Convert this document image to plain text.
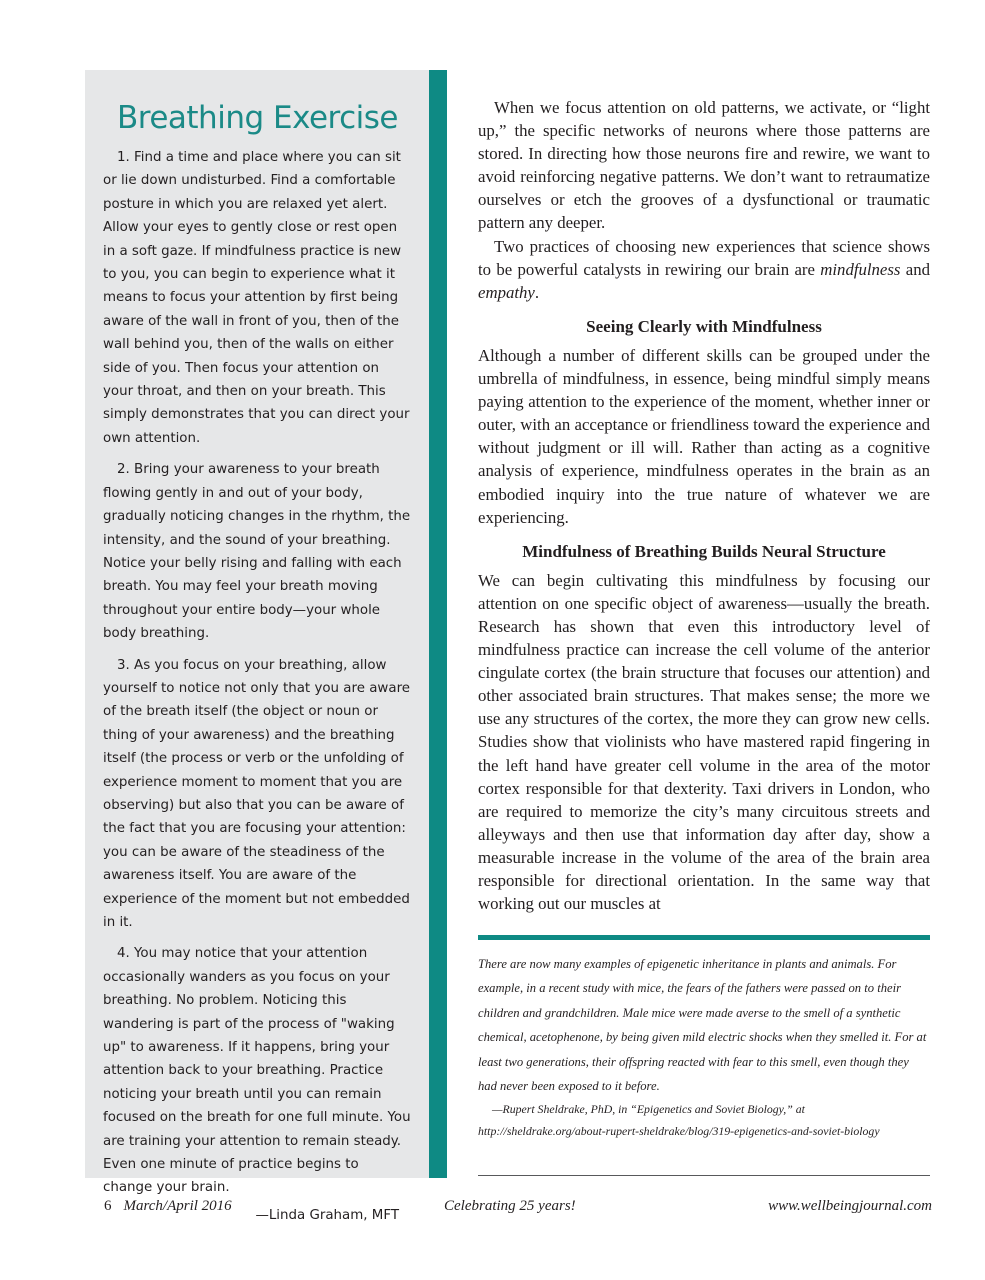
Breathing Exercise

1. Find a time and place where you can sit or lie down undisturbed. Find a comfortable posture in which you are relaxed yet alert. Allow your eyes to gently close or rest open in a soft gaze. If mindfulness practice is new to you, you can begin to experience what it means to focus your attention by first being aware of the wall in front of you, then of the wall behind you, then of the walls on either side of you. Then focus your attention on your throat, and then on your breath. This simply demonstrates that you can direct your own attention.

2. Bring your awareness to your breath flowing gently in and out of your body, gradually noticing changes in the rhythm, the intensity, and the sound of your breathing. Notice your belly rising and falling with each breath. You may feel your breath moving throughout your entire body—your whole body breathing.

3. As you focus on your breathing, allow yourself to notice not only that you are aware of the breath itself (the object or noun or thing of your awareness) and the breathing itself (the process or verb or the unfolding of experience moment to moment that you are observing) but also that you can be aware of the fact that you are focusing your attention: you can be aware of the steadiness of the awareness itself. You are aware of the experience of the moment but not embedded in it.

4. You may notice that your attention occasionally wanders as you focus on your breathing. No problem. Noticing this wandering is part of the process of "waking up" to awareness. If it happens, bring your attention back to your breathing. Practice noticing your breath until you can remain focused on the breath for one full minute. You are training your attention to remain steady. Even one minute of practice begins to change your brain.

—Linda Graham, MFT

When we focus attention on old patterns, we activate, or “light up,” the specific networks of neurons where those patterns are stored. In directing how those neurons fire and rewire, we want to avoid reinforcing negative patterns. We don’t want to retraumatize ourselves or etch the grooves of a dysfunctional or traumatic pattern any deeper.

Two practices of choosing new experiences that science shows to be powerful catalysts in rewiring our brain are mindfulness and empathy.

Seeing Clearly with Mindfulness

Although a number of different skills can be grouped under the umbrella of mindfulness, in essence, being mindful simply means paying attention to the experience of the moment, whether inner or outer, with an acceptance or friendliness toward the experience and without judgment or ill will. Rather than acting as a cognitive analysis of experience, mindfulness operates in the brain as an embodied inquiry into the true nature of whatever we are experiencing.

Mindfulness of Breathing Builds Neural Structure

We can begin cultivating this mindfulness by focusing our attention on one specific object of awareness—usually the breath. Research has shown that even this introductory level of mindfulness practice can increase the cell volume of the anterior cingulate cortex (the brain structure that focuses our attention) and other associated brain structures. That makes sense; the more we use any structures of the cortex, the more they can grow new cells. Studies show that violinists who have mastered rapid fingering in the left hand have greater cell volume in the area of the motor cortex responsible for that dexterity. Taxi drivers in London, who are required to memorize the city’s many circuitous streets and alleyways and then use that information day after day, show a measurable increase in the volume of the area of the brain area responsible for directional orientation. In the same way that working out our muscles at

There are now many examples of epigenetic inheritance in plants and animals. For example, in a recent study with mice, the fears of the fathers were passed on to their children and grandchildren. Male mice were made averse to the smell of a synthetic chemical, acetophenone, by being given mild electric shocks when they smelled it. For at least two generations, their offspring reacted with fear to this smell, even though they had never been exposed to it before.

—Rupert Sheldrake, PhD, in “Epigenetics and Soviet Biology,” at http://sheldrake.org/about-rupert-sheldrake/blog/319-epigenetics-and-soviet-biology

6 March/April 2016	Celebrating 25 years!	www.wellbeingjournal.com
